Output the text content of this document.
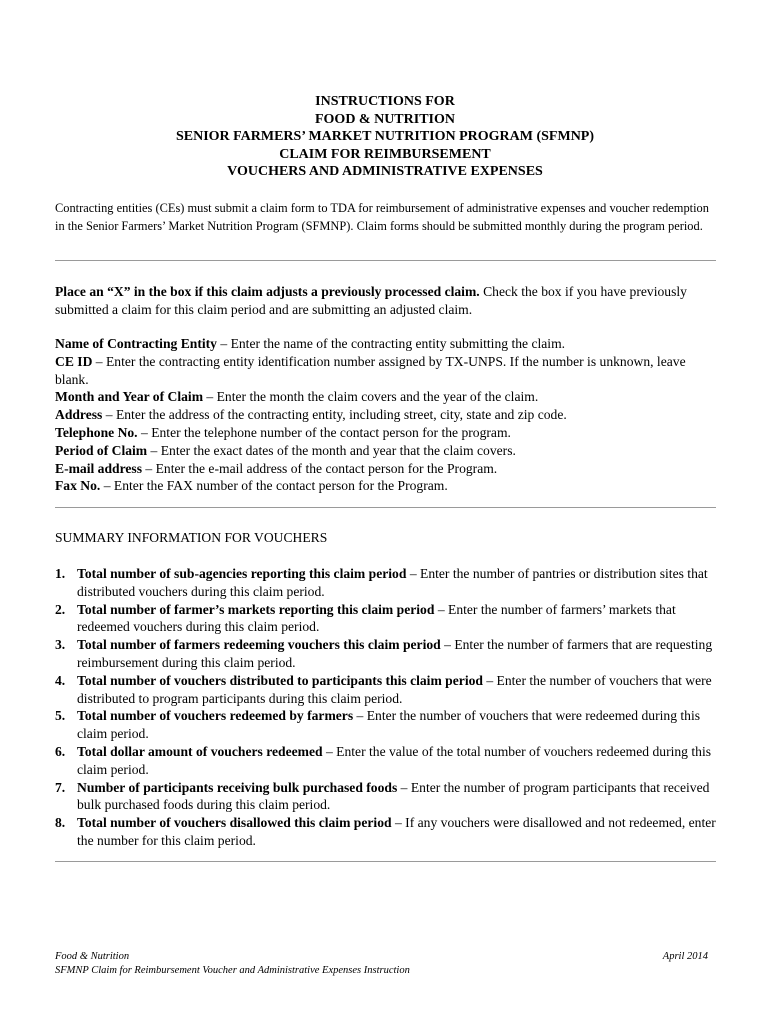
INSTRUCTIONS FOR
FOOD & NUTRITION
SENIOR FARMERS’ MARKET NUTRITION PROGRAM (SFMNP)
CLAIM FOR REIMBURSEMENT
VOUCHERS AND ADMINISTRATIVE EXPENSES
Contracting entities (CEs) must submit a claim form to TDA for reimbursement of administrative expenses and voucher redemption in the Senior Farmers’ Market Nutrition Program (SFMNP). Claim forms should be submitted monthly during the program period.
Place an “X” in the box if this claim adjusts a previously processed claim. Check the box if you have previously submitted a claim for this claim period and are submitting an adjusted claim.
Name of Contracting Entity – Enter the name of the contracting entity submitting the claim.
CE ID – Enter the contracting entity identification number assigned by TX-UNPS. If the number is unknown, leave blank.
Month and Year of Claim – Enter the month the claim covers and the year of the claim.
Address – Enter the address of the contracting entity, including street, city, state and zip code.
Telephone No. – Enter the telephone number of the contact person for the program.
Period of Claim – Enter the exact dates of the month and year that the claim covers.
E-mail address – Enter the e-mail address of the contact person for the Program.
Fax No. – Enter the FAX number of the contact person for the Program.
SUMMARY INFORMATION FOR VOUCHERS
1. Total number of sub-agencies reporting this claim period – Enter the number of pantries or distribution sites that distributed vouchers during this claim period.
2. Total number of farmer’s markets reporting this claim period – Enter the number of farmers’ markets that redeemed vouchers during this claim period.
3. Total number of farmers redeeming vouchers this claim period – Enter the number of farmers that are requesting reimbursement during this claim period.
4. Total number of vouchers distributed to participants this claim period – Enter the number of vouchers that were distributed to program participants during this claim period.
5. Total number of vouchers redeemed by farmers – Enter the number of vouchers that were redeemed during this claim period.
6. Total dollar amount of vouchers redeemed – Enter the value of the total number of vouchers redeemed during this claim period.
7. Number of participants receiving bulk purchased foods – Enter the number of program participants that received bulk purchased foods during this claim period.
8. Total number of vouchers disallowed this claim period – If any vouchers were disallowed and not redeemed, enter the number for this claim period.
Food & Nutrition
SFMNP Claim for Reimbursement Voucher and Administrative Expenses Instruction
April 2014
